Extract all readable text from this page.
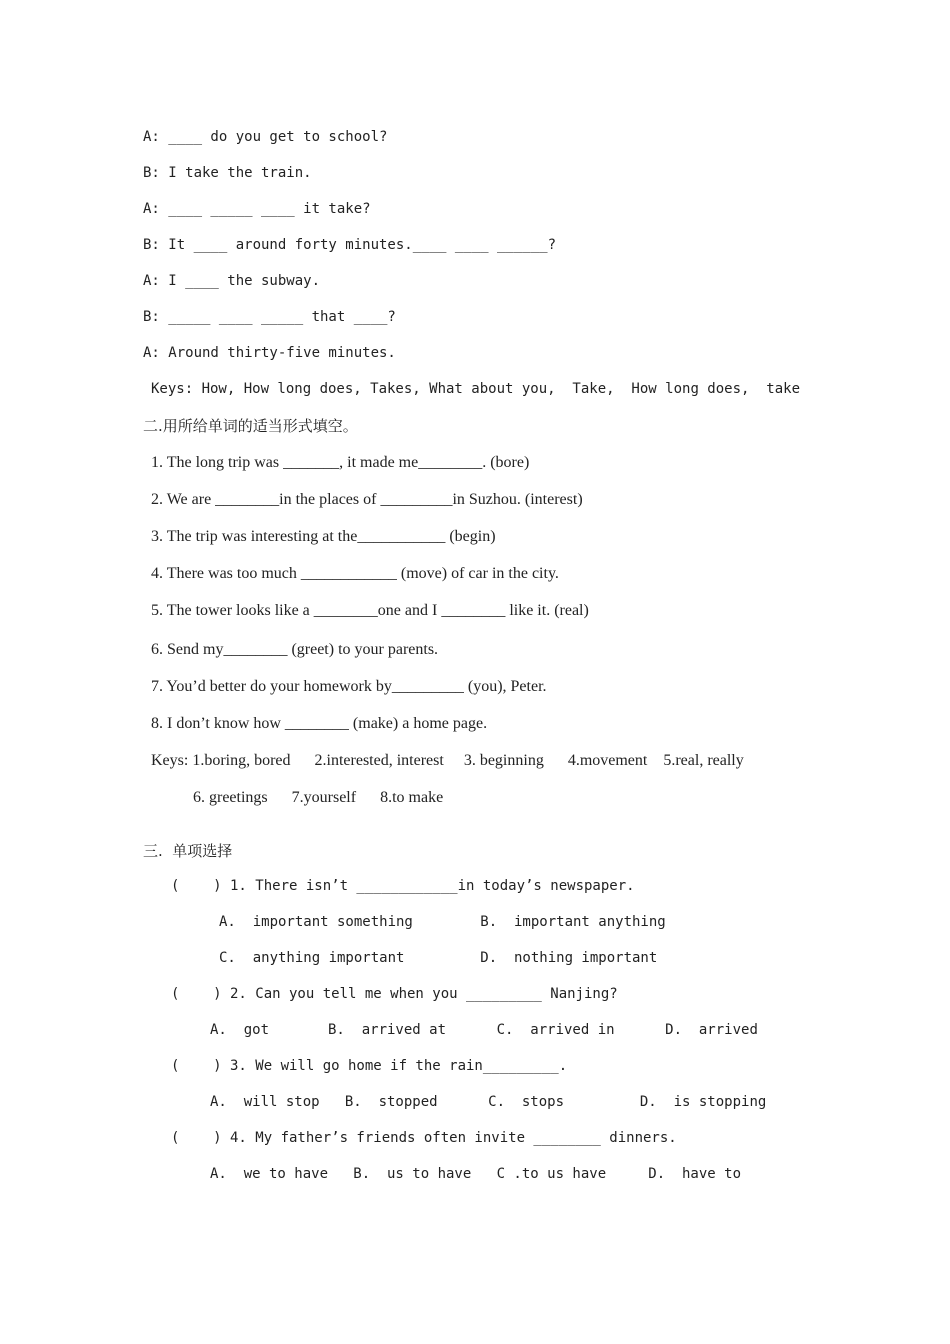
A: ____ do you get to school?
B: I take the train.
A: ____ _____ ____ it take?
B: It ____ around forty minutes.____ ____ ______?
A: I ____ the subway.
B: _____ ____ _____ that ____?
A: Around thirty-five minutes.
Keys: How, How long does, Takes, What about you,  Take,  How long does,  take
二.用所给单词的适当形式填空。
1. The long trip was _______, it made me________. (bore)
2. We are ________in the places of _________in Suzhou. (interest)
3. The trip was interesting at the___________ (begin)
4. There was too much ____________ (move) of car in the city.
5. The tower looks like a ________one and I ________ like it. (real)
6. Send my________ (greet) to your parents.
7. You’d better do your homework by_________ (you), Peter.
8. I don’t know how ________ (make) a home page.
Keys: 1.boring, bored      2.interested, interest     3. beginning      4.movement    5.real, really
6. greetings      7.yourself      8.to make
三.  单项选择
(    ) 1. There isn’t ____________in today’s newspaper.
A.  important something        B.  important anything
C.  anything important         D.  nothing important
(    ) 2. Can you tell me when you _________ Nanjing?
A.  got       B.  arrived at      C.  arrived in      D.  arrived
(    ) 3. We will go home if the rain_________.
A.  will stop   B.  stopped      C.  stops         D.  is stopping
(    ) 4. My father’s friends often invite ________ dinners.
A.  we to have   B.  us to have   C .to us have     D.  have to
